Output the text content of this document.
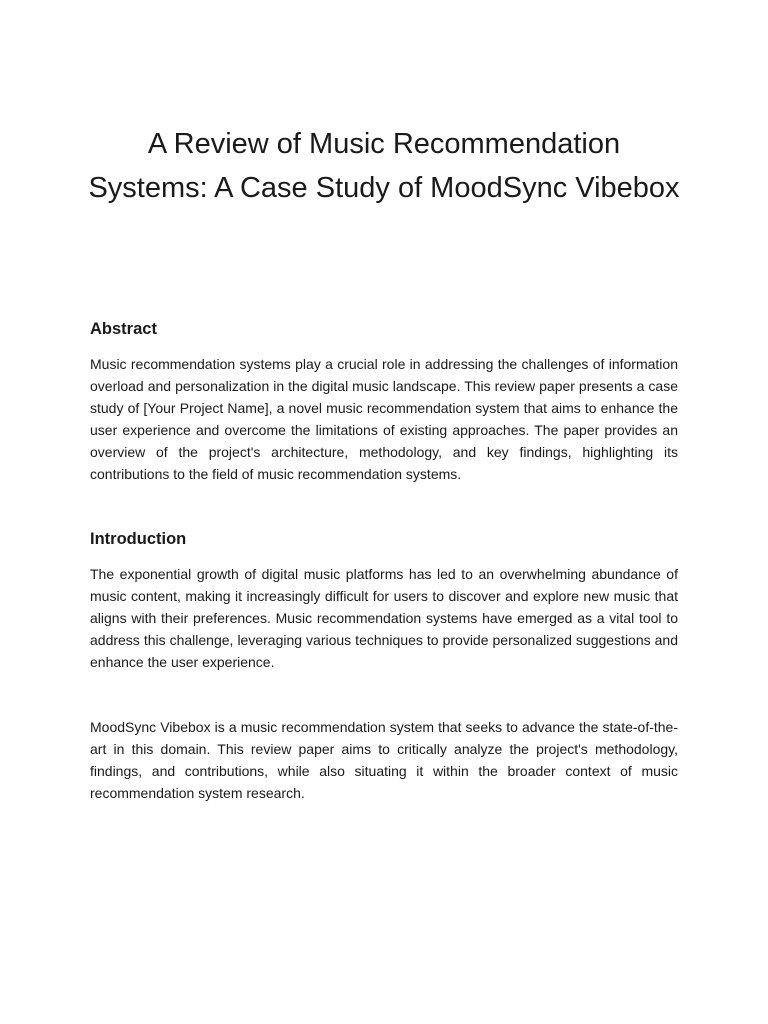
A Review of Music Recommendation
Systems: A Case Study of MoodSync Vibebox
Abstract

Music recommendation systems play a crucial role in addressing the challenges of information overload and personalization in the digital music landscape. This review paper presents a case study of [Your Project Name], a novel music recommendation system that aims to enhance the user experience and overcome the limitations of existing approaches. The paper provides an overview of the project's architecture, methodology, and key findings, highlighting its contributions to the field of music recommendation systems.

Introduction

The exponential growth of digital music platforms has led to an overwhelming abundance of music content, making it increasingly difficult for users to discover and explore new music that aligns with their preferences. Music recommendation systems have emerged as a vital tool to address this challenge, leveraging various techniques to provide personalized suggestions and enhance the user experience.

MoodSync Vibebox is a music recommendation system that seeks to advance the state-of-the-art in this domain. This review paper aims to critically analyze the project's methodology, findings, and contributions, while also situating it within the broader context of music recommendation system research.
